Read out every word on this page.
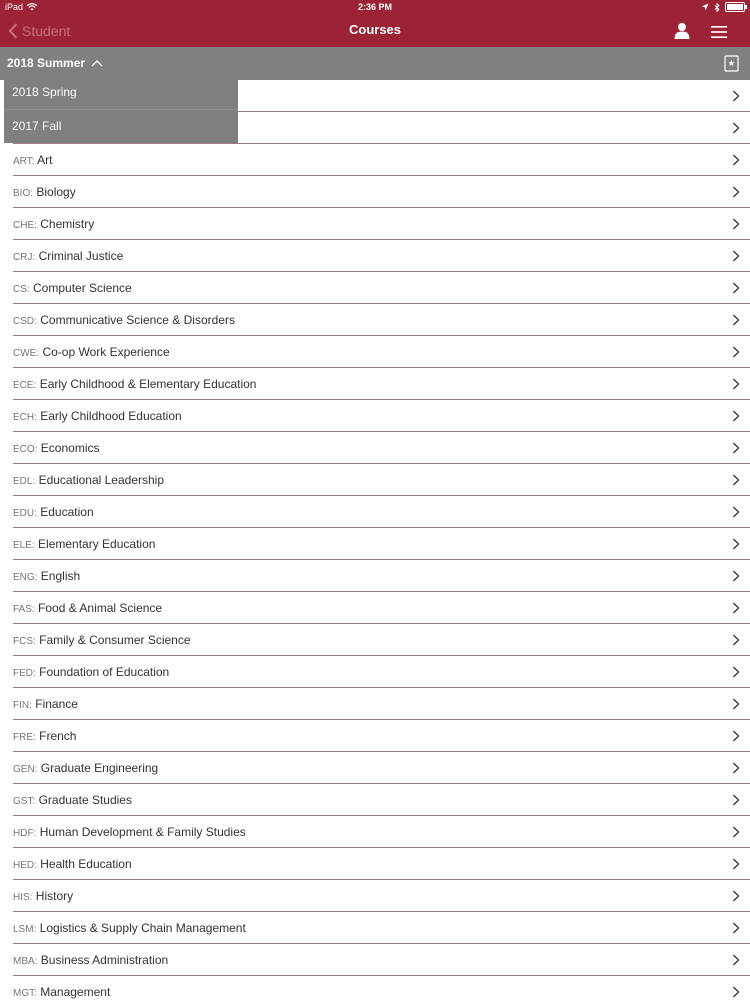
iPad	2:36 PM
Student	Courses
2018 Summer
ART: Art
BIO: Biology
CHE: Chemistry
CRJ: Criminal Justice
CS: Computer Science
CSD: Communicative Science & Disorders
CWE: Co-op Work Experience
ECE: Early Childhood & Elementary Education
ECH: Early Childhood Education
ECO: Economics
EDL: Educational Leadership
EDU: Education
ELE: Elementary Education
ENG: English
FAS: Food & Animal Science
FCS: Family & Consumer Science
FED: Foundation of Education
FIN: Finance
FRE: French
GEN: Graduate Engineering
GST: Graduate Studies
HDF: Human Development & Family Studies
HED: Health Education
HIS: History
LSM: Logistics & Supply Chain Management
MBA: Business Administration
MGT: Management
2018 Spring
2017 Fall
